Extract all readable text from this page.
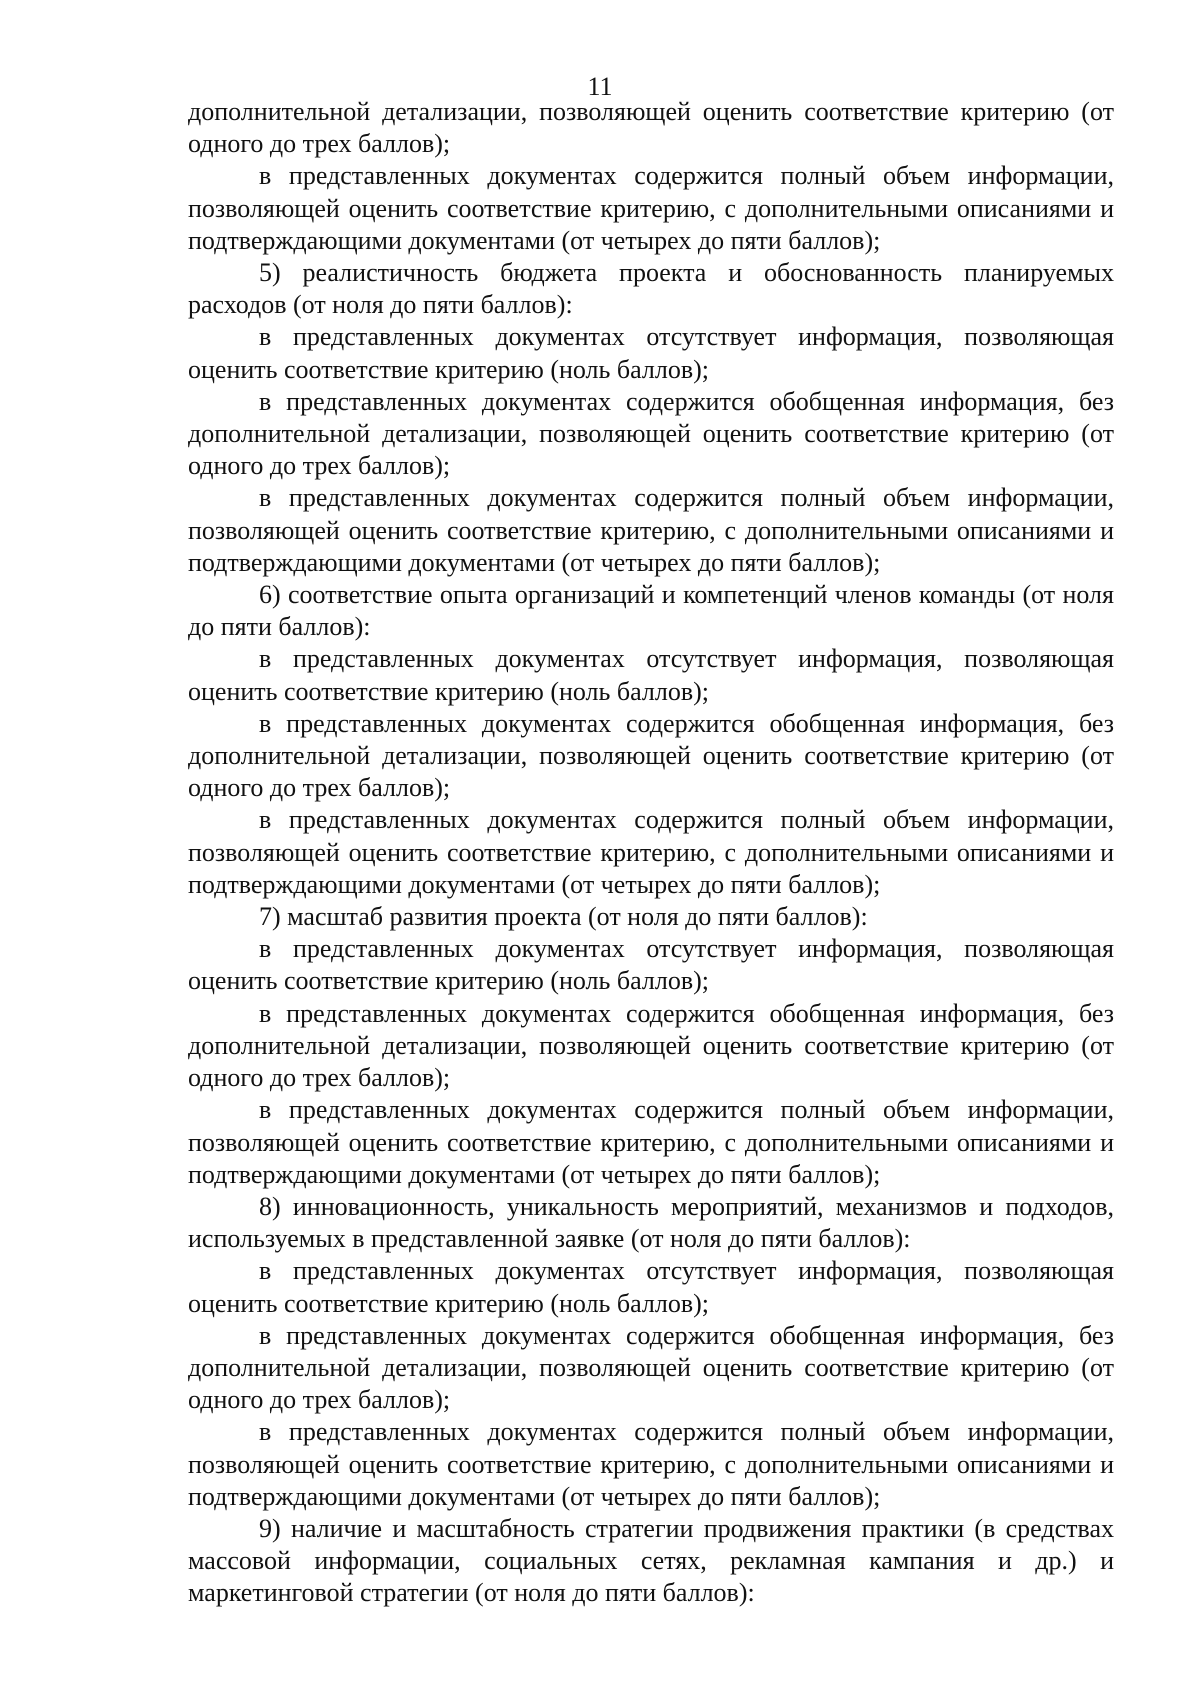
11

дополнительной детализации, позволяющей оценить соответствие критерию (от одного до трех баллов);

в представленных документах содержится полный объем информации, позволяющей оценить соответствие критерию, с дополнительными описаниями и подтверждающими документами (от четырех до пяти баллов);

5) реалистичность бюджета проекта и обоснованность планируемых расходов (от ноля до пяти баллов):

в представленных документах отсутствует информация, позволяющая оценить соответствие критерию (ноль баллов);

в представленных документах содержится обобщенная информация, без дополнительной детализации, позволяющей оценить соответствие критерию (от одного до трех баллов);

в представленных документах содержится полный объем информации, позволяющей оценить соответствие критерию, с дополнительными описаниями и подтверждающими документами (от четырех до пяти баллов);

6) соответствие опыта организаций и компетенций членов команды (от ноля до пяти баллов):

в представленных документах отсутствует информация, позволяющая оценить соответствие критерию (ноль баллов);

в представленных документах содержится обобщенная информация, без дополнительной детализации, позволяющей оценить соответствие критерию (от одного до трех баллов);

в представленных документах содержится полный объем информации, позволяющей оценить соответствие критерию, с дополнительными описаниями и подтверждающими документами (от четырех до пяти баллов);

7) масштаб развития проекта (от ноля до пяти баллов):

в представленных документах отсутствует информация, позволяющая оценить соответствие критерию (ноль баллов);

в представленных документах содержится обобщенная информация, без дополнительной детализации, позволяющей оценить соответствие критерию (от одного до трех баллов);

в представленных документах содержится полный объем информации, позволяющей оценить соответствие критерию, с дополнительными описаниями и подтверждающими документами (от четырех до пяти баллов);

8) инновационность, уникальность мероприятий, механизмов и подходов, используемых в представленной заявке (от ноля до пяти баллов):

в представленных документах отсутствует информация, позволяющая оценить соответствие критерию (ноль баллов);

в представленных документах содержится обобщенная информация, без дополнительной детализации, позволяющей оценить соответствие критерию (от одного до трех баллов);

в представленных документах содержится полный объем информации, позволяющей оценить соответствие критерию, с дополнительными описаниями и подтверждающими документами (от четырех до пяти баллов);

9) наличие и масштабность стратегии продвижения практики (в средствах массовой информации, социальных сетях, рекламная кампания и др.) и маркетинговой стратегии (от ноля до пяти баллов):
